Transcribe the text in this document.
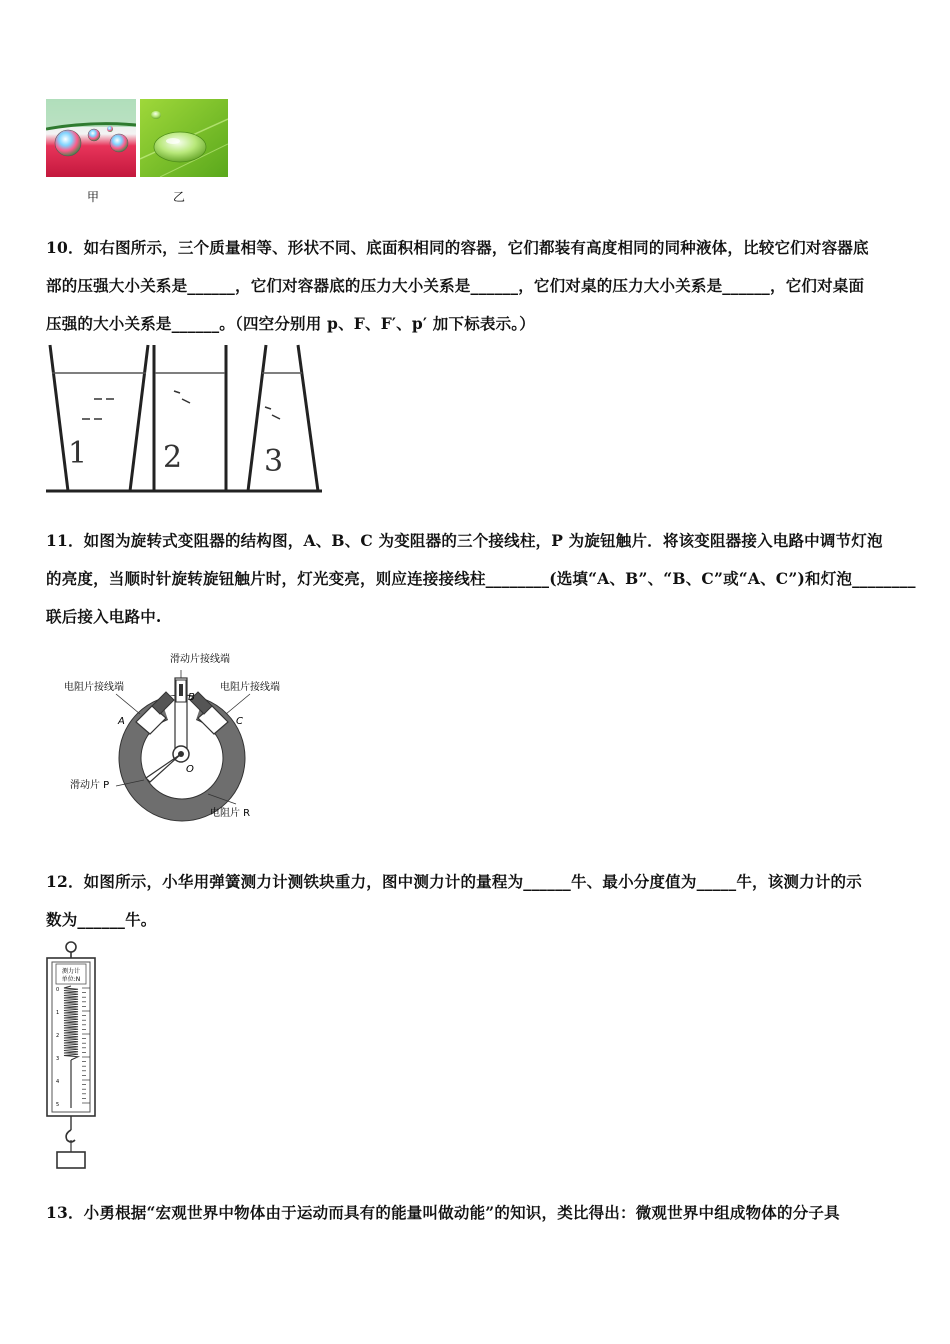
甲	乙
10．如右图所示，三个质量相等、形状不同、底面积相同的容器，它们都装有高度相同的同种液体，比较它们对容器底
部的压强大小关系是______，它们对容器底的压力大小关系是______，它们对桌的压力大小关系是______，它们对桌面
压强的大小关系是______。（四空分别用 p、F、F′、p′ 加下标表示。）
1	2	3
11．如图为旋转式变阻器的结构图，A、B、C 为变阻器的三个接线柱，P 为旋钮触片．将该变阻器接入电路中调节灯泡
的亮度，当顺时针旋转旋钮触片时，灯光变亮，则应连接接线柱________(选填“A、B”、“B、C”或“A、C”)和灯泡________
联后接入电路中.
滑动片接线端
电阻片接线端	电阻片接线端
B
A	C
O
滑动片 P
电阻片 R
12．如图所示，小华用弹簧测力计测铁块重力，图中测力计的量程为______牛、最小分度值为_____牛，该测力计的示
数为______牛。
测力计
单位:N
0
1
2
3
4
5
13．小勇根据“宏观世界中物体由于运动而具有的能量叫做动能”的知识，类比得出：微观世界中组成物体的分子具
